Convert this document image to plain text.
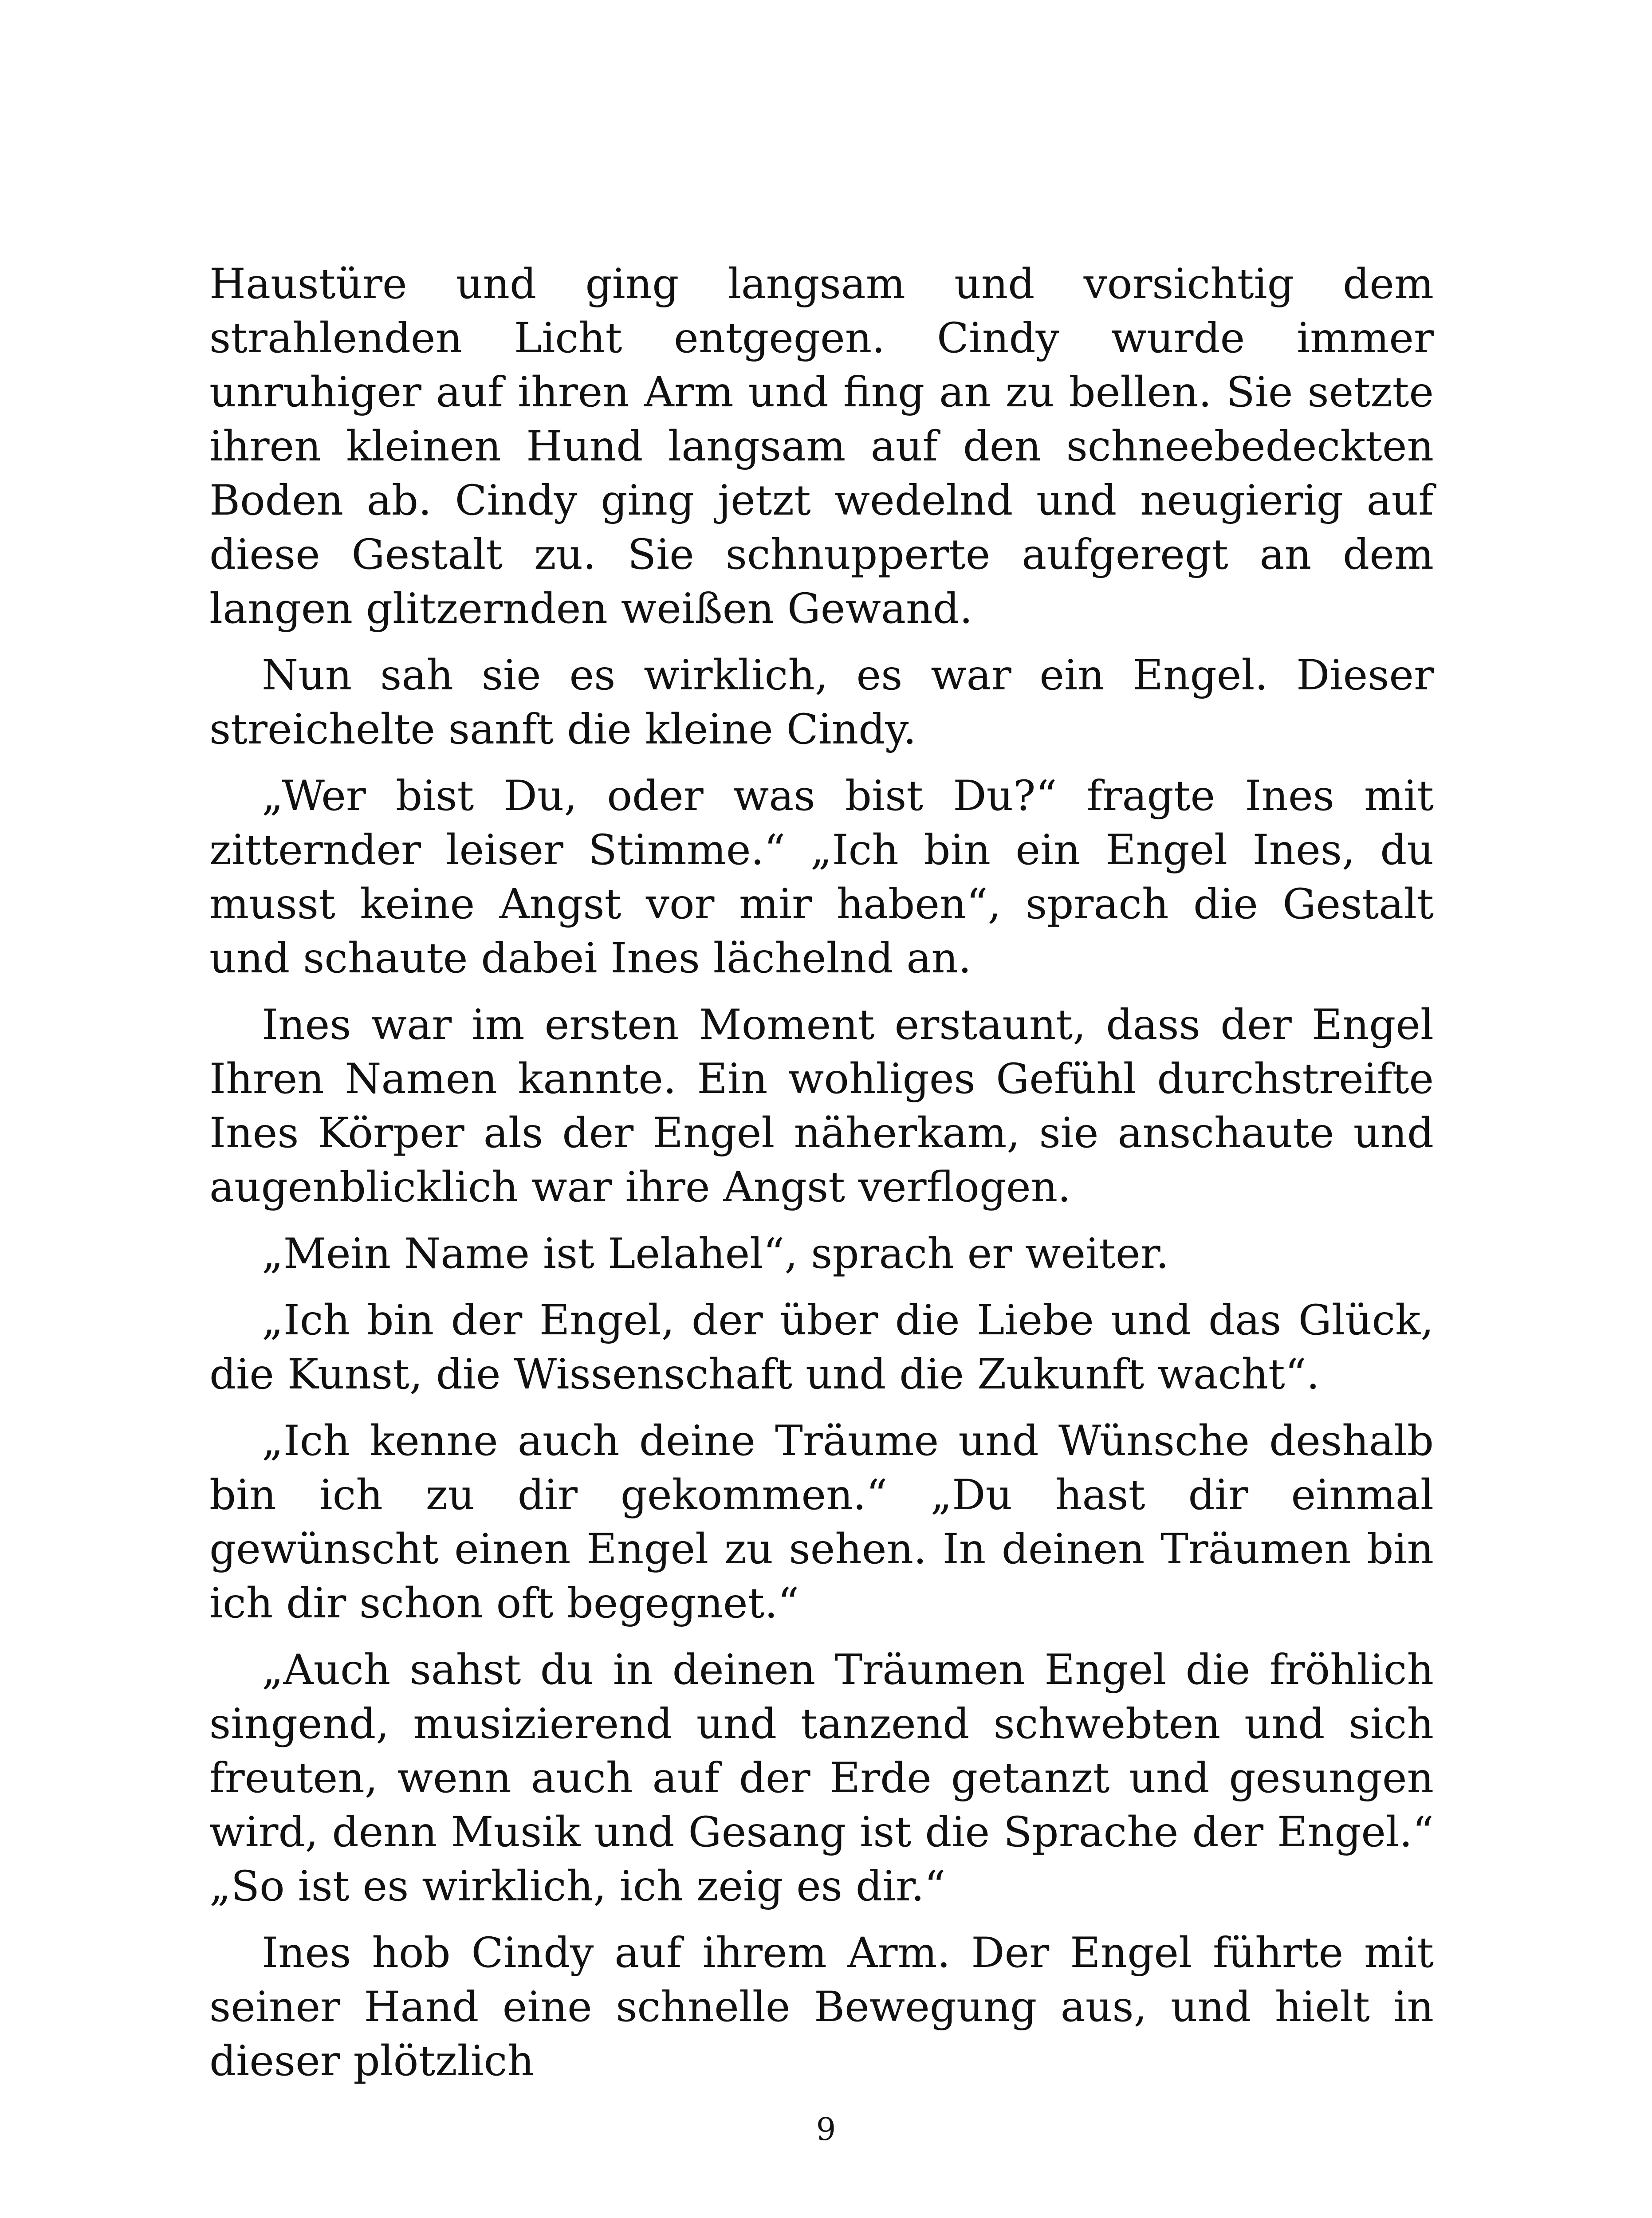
Haustüre und ging langsam und vorsichtig dem strahlenden Licht entgegen. Cindy wurde immer unruhiger auf ihren Arm und fing an zu bellen. Sie setzte ihren kleinen Hund langsam auf den schneebedeckten Boden ab. Cindy ging jetzt wedelnd und neugierig auf diese Gestalt zu. Sie schnupperte aufgeregt an dem langen glitzernden weißen Gewand.

Nun sah sie es wirklich, es war ein Engel. Dieser streichelte sanft die kleine Cindy.

„Wer bist Du, oder was bist Du?“ fragte Ines mit zitternder leiser Stimme.“ „Ich bin ein Engel Ines, du musst keine Angst vor mir haben“, sprach die Gestalt und schaute dabei Ines lächelnd an.

Ines war im ersten Moment erstaunt, dass der Engel Ihren Namen kannte. Ein wohliges Gefühl durchstreifte Ines Körper als der Engel näherkam, sie anschaute und augenblicklich war ihre Angst verflogen.

„Mein Name ist Lelahel“, sprach er weiter.

„Ich bin der Engel, der über die Liebe und das Glück, die Kunst, die Wissenschaft und die Zukunft wacht“.

„Ich kenne auch deine Träume und Wünsche deshalb bin ich zu dir gekommen.“ „Du hast dir einmal gewünscht einen Engel zu sehen. In deinen Träumen bin ich dir schon oft begegnet.“

„Auch sahst du in deinen Träumen Engel die fröhlich singend, musizierend und tanzend schwebten und sich freuten, wenn auch auf der Erde getanzt und gesungen wird, denn Musik und Gesang ist die Sprache der Engel.“ „So ist es wirklich, ich zeig es dir.“

Ines hob Cindy auf ihrem Arm. Der Engel führte mit seiner Hand eine schnelle Bewegung aus, und hielt in dieser plötzlich

9
